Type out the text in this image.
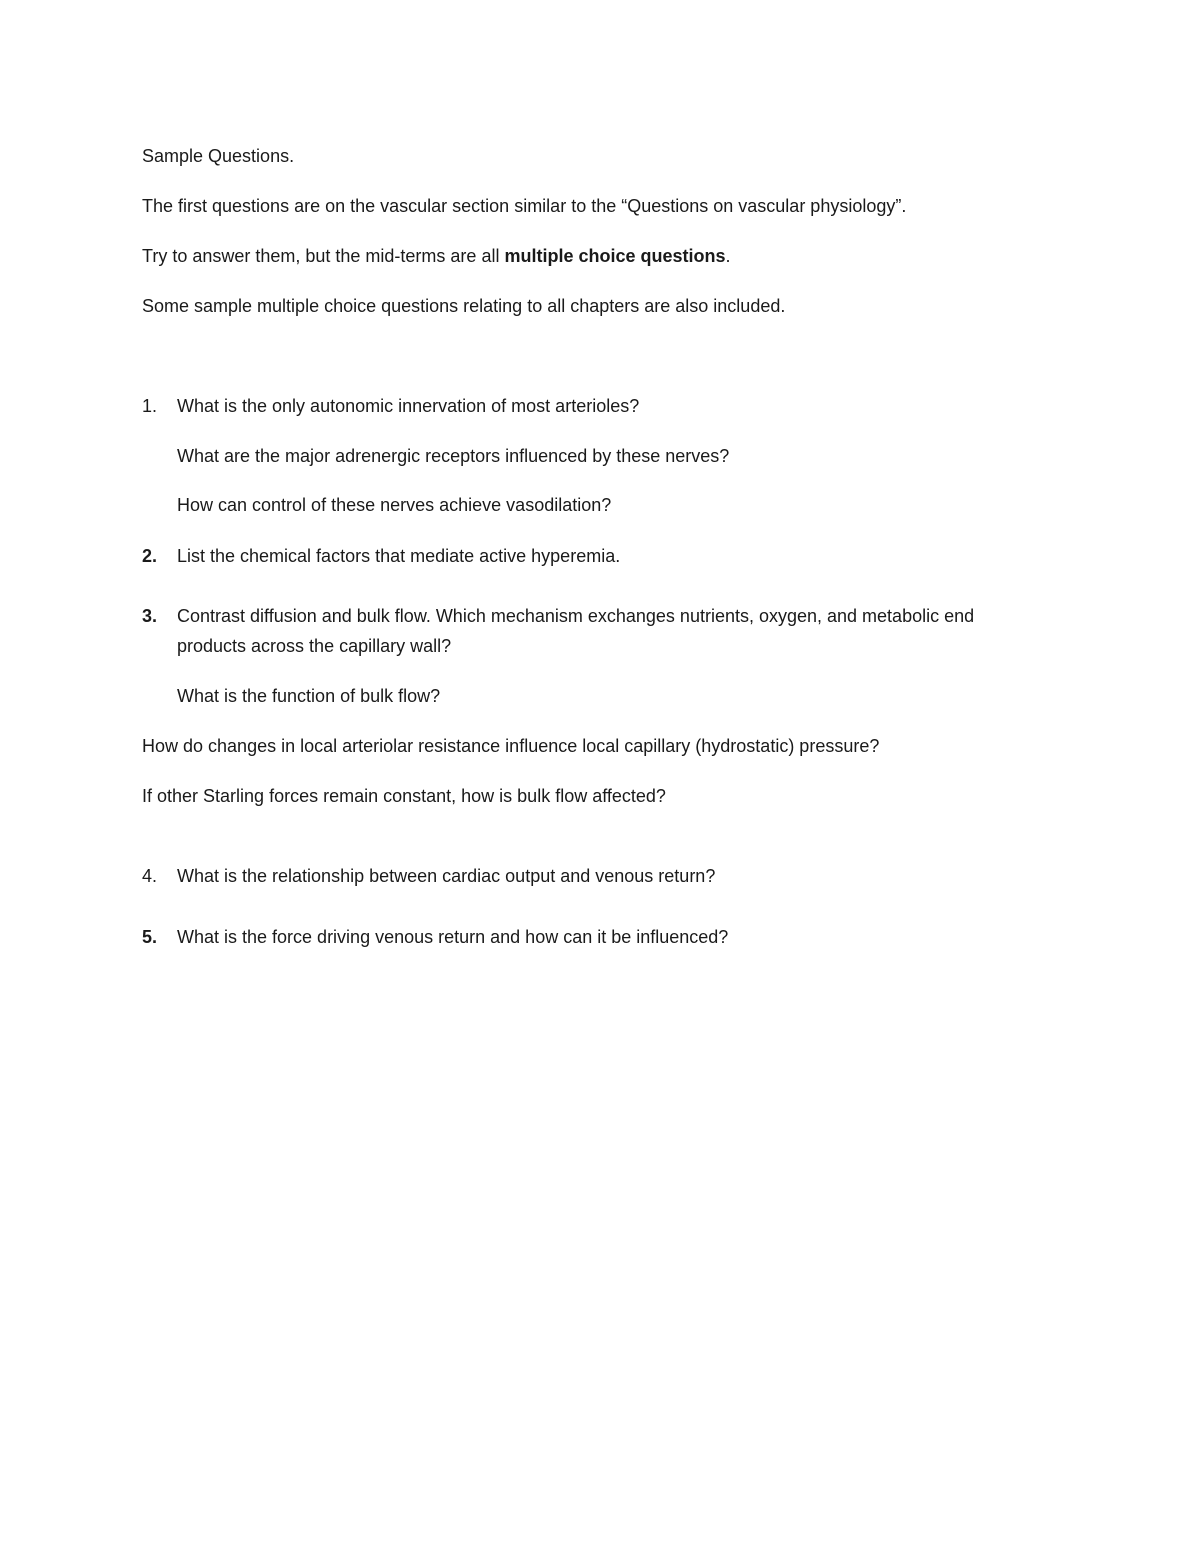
Sample Questions.
The first questions are on the vascular section similar to the “Questions on vascular physiology”.
Try to answer them, but the mid-terms are all multiple choice questions.
Some sample multiple choice questions relating to all chapters are also included.
1. What is the only autonomic innervation of most arterioles?
What are the major adrenergic receptors influenced by these nerves?
How can control of these nerves achieve vasodilation?
2. List the chemical factors that mediate active hyperemia.
3. Contrast diffusion and bulk flow. Which mechanism exchanges nutrients, oxygen, and metabolic end
products across the capillary wall?
What is the function of bulk flow?
How do changes in local arteriolar resistance influence local capillary (hydrostatic) pressure?
If other Starling forces remain constant, how is bulk flow affected?
4. What is the relationship between cardiac output and venous return?
5. What is the force driving venous return and how can it be influenced?
